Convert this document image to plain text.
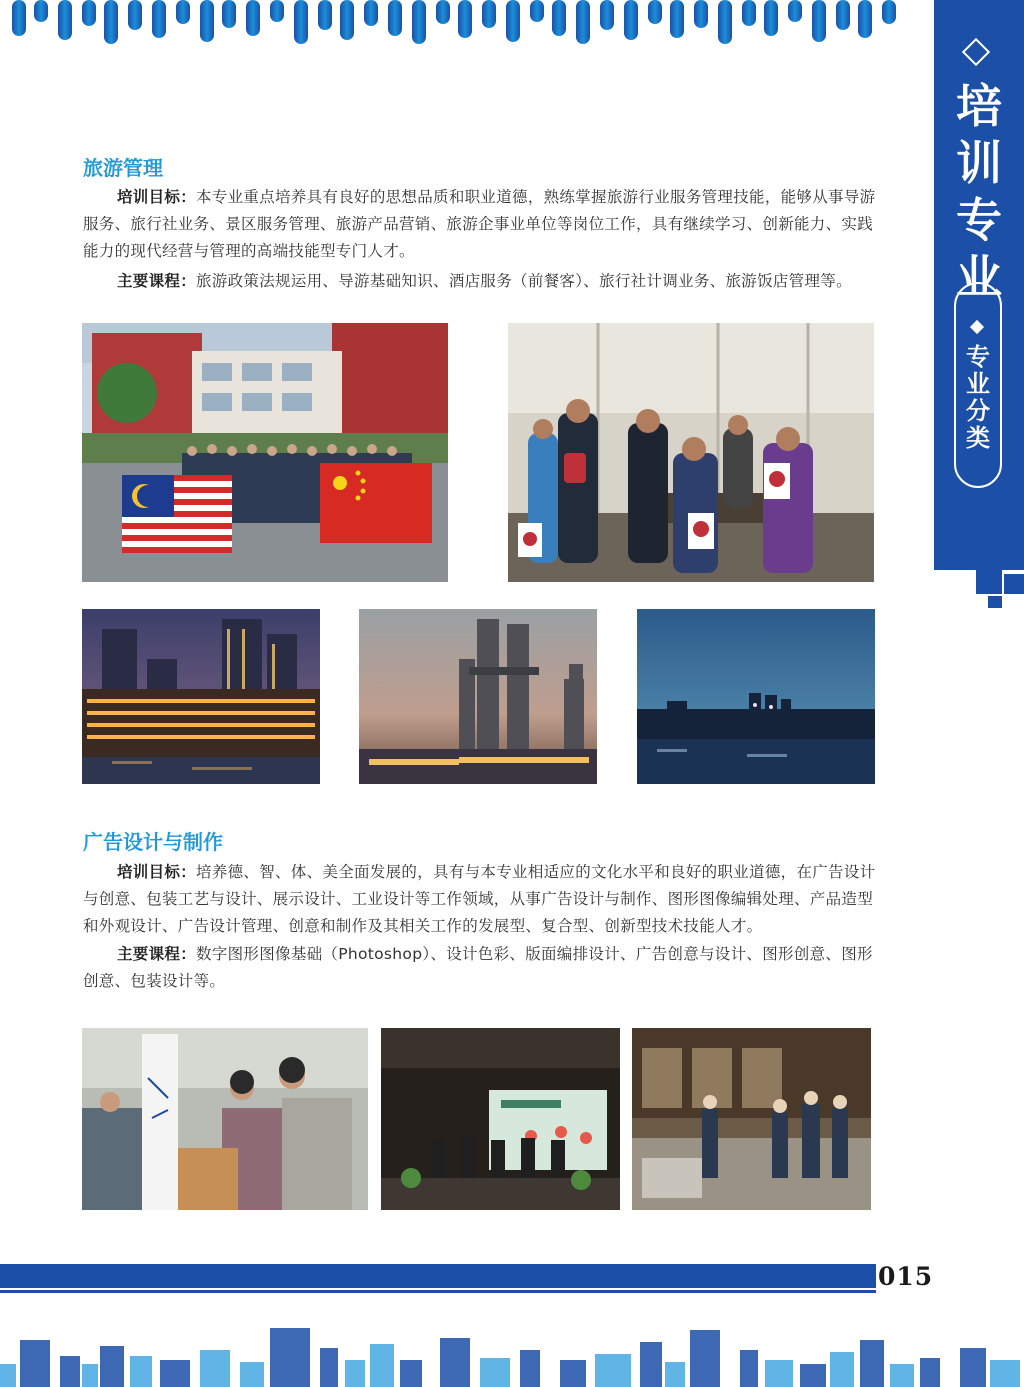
培
训
专
业
专
业
分
类
旅游管理
培训目标：本专业重点培养具有良好的思想品质和职业道德，熟练掌握旅游行业服务管理技能，能够从事导游服务、旅行社业务、景区服务管理、旅游产品营销、旅游企事业单位等岗位工作，具有继续学习、创新能力、实践能力的现代经营与管理的高端技能型专门人才。
主要课程：旅游政策法规运用、导游基础知识、酒店服务（前餐客）、旅行社计调业务、旅游饭店管理等。
广告设计与制作
培训目标：培养德、智、体、美全面发展的，具有与本专业相适应的文化水平和良好的职业道德，在广告设计与创意、包装工艺与设计、展示设计、工业设计等工作领域，从事广告设计与制作、图形图像编辑处理、产品造型和外观设计、广告设计管理、创意和制作及其相关工作的发展型、复合型、创新型技术技能人才。
主要课程：数字图形图像基础（Photoshop）、设计色彩、版面编排设计、广告创意与设计、图形创意、图形创意、包装设计等。
015
